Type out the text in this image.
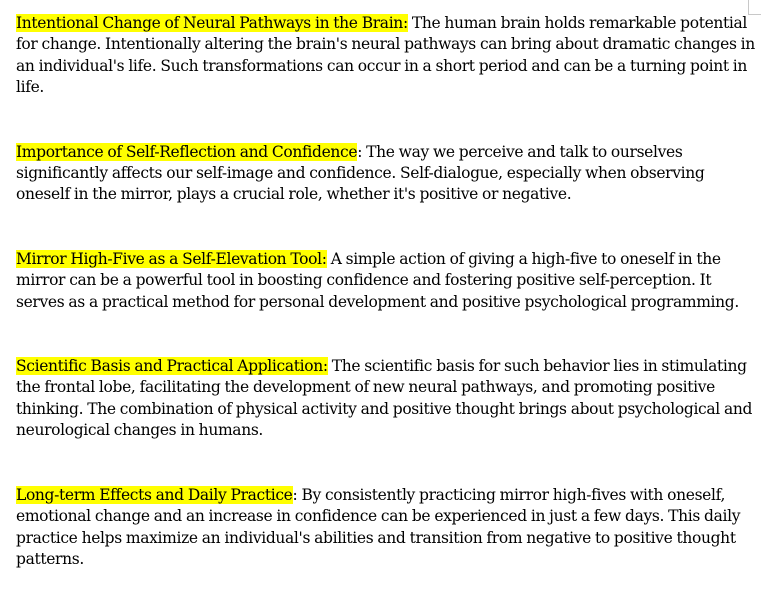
Intentional Change of Neural Pathways in the Brain: The human brain holds remarkable potential for change. Intentionally altering the brain's neural pathways can bring about dramatic changes in an individual's life. Such transformations can occur in a short period and can be a turning point in life.

Importance of Self-Reflection and Confidence: The way we perceive and talk to ourselves significantly affects our self-image and confidence. Self-dialogue, especially when observing oneself in the mirror, plays a crucial role, whether it's positive or negative.

Mirror High-Five as a Self-Elevation Tool: A simple action of giving a high-five to oneself in the mirror can be a powerful tool in boosting confidence and fostering positive self-perception. It serves as a practical method for personal development and positive psychological programming.

Scientific Basis and Practical Application: The scientific basis for such behavior lies in stimulating the frontal lobe, facilitating the development of new neural pathways, and promoting positive thinking. The combination of physical activity and positive thought brings about psychological and neurological changes in humans.

Long-term Effects and Daily Practice: By consistently practicing mirror high-fives with oneself, emotional change and an increase in confidence can be experienced in just a few days. This daily practice helps maximize an individual's abilities and transition from negative to positive thought patterns.
